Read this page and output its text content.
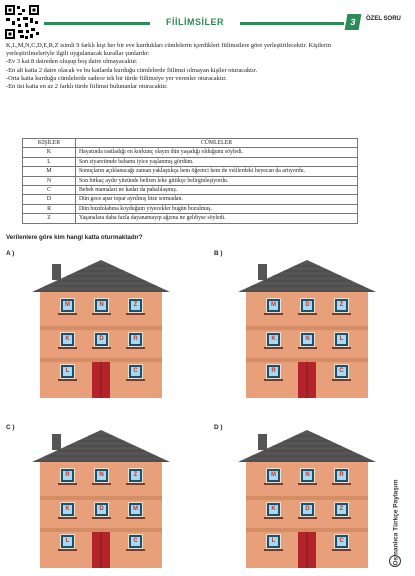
FİİLİMSİLER	3	ÖZEL SORU
K,L,M,N,C,D,E,R,Z isimli 9 farklı kişi her bir eve kurdukları cümlelerin içerdikleri fiilimsilere göre yerleştirilecektir. Kişilerin
yerleştirilmeleriyle ilgili uygulanacak kurallar şunlardır:
-Ev 3 kat 8 daireden oluşup boş daire olmayacaktır.
-En alt katta 2 daire olacak ve bu katlarda kurduğu cümlelerde fiilimsi olmayan kişiler oturacaktır.
-Orta katta kurduğu cümlelerde sadece tek bir türde fiilimsiye yer verenler oturacaktır.
-En üst katta en az 2 farklı türde fiilimsi bulunanlar oturacaktır.
KİŞİLER	CÜMLELER
K	Hayatında rastladığı en korkunç olayın dün yaşadığı olduğunu söyledi.
L	Son ziyaretimde babamı iyice yaşlanmış gördüm.
M	Sonuçların açıklanacağı zaman yaklaştıkça hem öğrenci hem de velilerdeki heyecan da artıyordu.
N	Son birkaç aydır yüzünde beliren leke gittikçe belirginleşiyordu.
C	Bebek mamaları ne kadar da pahalılaşmış.
D	Dün gece apar topar ayrılmış bize sormadan.
R	Dün buzdolabına koyduğum yiyecekler bugün bozulmuş.
Z	Yaşanalara daha fazla dayanamayıp ağzına ne geldiyse söyledi.
Verilenlere göre kim hangi katta oturmaktadır?
A )	B )
C )	D )
M	N	Z
K	D	R
L	C
M	D	Z
K	N	L
R	C
R	N	Z
K	D	M
L	C
M	N	R
K	D	Z
L	C	Osmanlıca Türkçe Paylaşım
